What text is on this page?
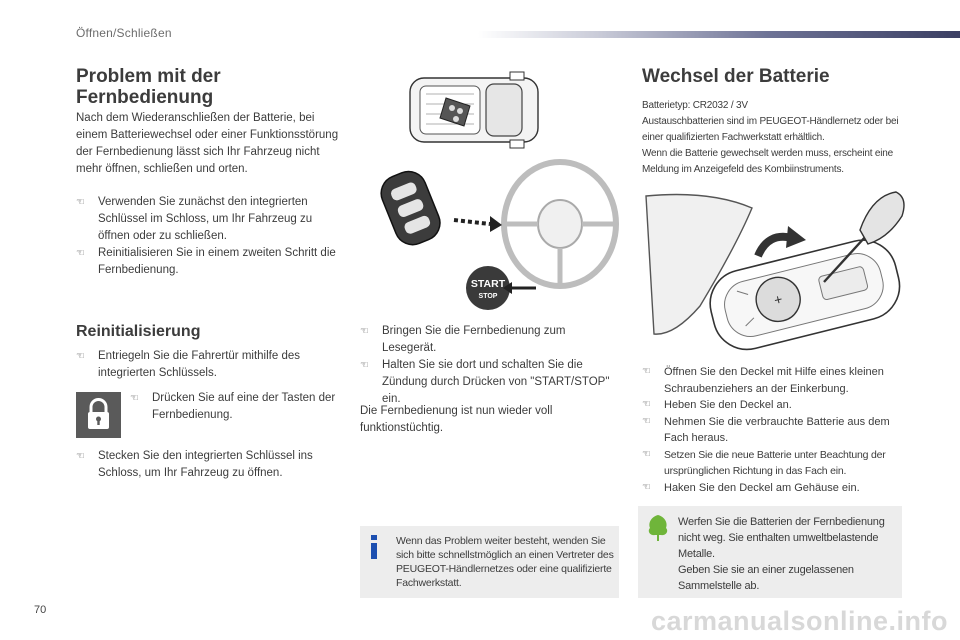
Öffnen/Schließen
Problem mit der
Fernbedienung

Nach dem Wiederanschließen der Batterie, bei einem Batteriewechsel oder einer Funktionsstörung der Fernbedienung lässt sich Ihr Fahrzeug nicht mehr öffnen, schließen und orten.

☜ Verwenden Sie zunächst den integrierten Schlüssel im Schloss, um Ihr Fahrzeug zu öffnen oder zu schließen.
☜ Reinitialisieren Sie in einem zweiten Schritt die Fernbedienung.
Reinitialisierung
☜ Entriegeln Sie die Fahrertür mithilfe des integrierten Schlüssels.
☜ Drücken Sie auf eine der Tasten der Fernbedienung.
☜ Stecken Sie den integrierten Schlüssel ins Schloss, um Ihr Fahrzeug zu öffnen.
START
STOP
☜ Bringen Sie die Fernbedienung zum Lesegerät.
☜ Halten Sie sie dort und schalten Sie die Zündung durch Drücken von "START/STOP" ein.

Die Fernbedienung ist nun wieder voll funktionstüchtig.

Wenn das Problem weiter besteht, wenden Sie sich bitte schnellstmöglich an einen Vertreter des PEUGEOT-Händlernetzes oder eine qualifizierte Fachwerkstatt.
Wechsel der Batterie

Batterietyp: CR2032 / 3V

Austauschbatterien sind im PEUGEOT-Händlernetz oder bei einer qualifizierten Fachwerkstatt erhältlich.

Wenn die Batterie gewechselt werden muss, erscheint eine Meldung im Anzeigefeld des Kombiinstruments.

+
☜ Öffnen Sie den Deckel mit Hilfe eines kleinen Schraubenziehers an der Einkerbung.
☜ Heben Sie den Deckel an.
☜ Nehmen Sie die verbrauchte Batterie aus dem Fach heraus.
☜ Setzen Sie die neue Batterie unter Beachtung der ursprünglichen Richtung in das Fach ein.
☜ Haken Sie den Deckel am Gehäuse ein.
Werfen Sie die Batterien der Fernbedienung nicht weg. Sie enthalten umweltbelastende Metalle.
Geben Sie sie an einer zugelassenen Sammelstelle ab.
70	carmanualsonline.info
